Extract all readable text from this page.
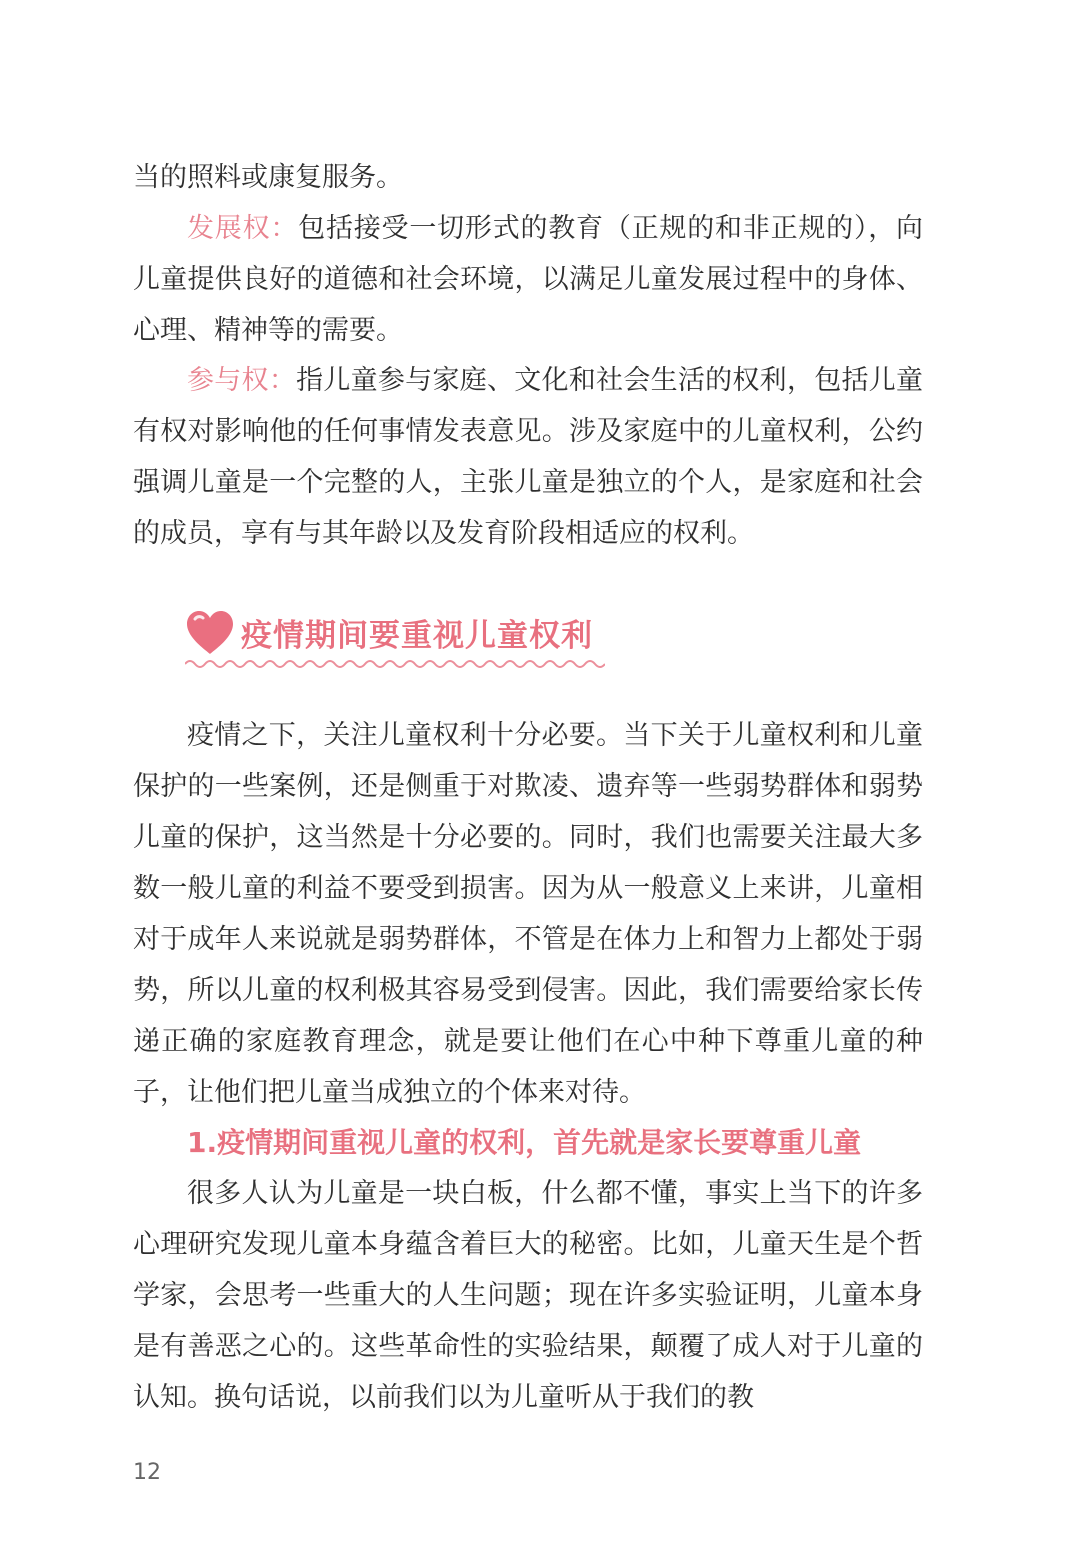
当的照料或康复服务。

发展权：包括接受一切形式的教育（正规的和非正规的），向儿童提供良好的道德和社会环境，以满足儿童发展过程中的身体、心理、精神等的需要。

参与权：指儿童参与家庭、文化和社会生活的权利，包括儿童有权对影响他的任何事情发表意见。涉及家庭中的儿童权利，公约强调儿童是一个完整的人，主张儿童是独立的个人，是家庭和社会的成员，享有与其年龄以及发育阶段相适应的权利。

疫情期间要重视儿童权利

疫情之下，关注儿童权利十分必要。当下关于儿童权利和儿童保护的一些案例，还是侧重于对欺凌、遗弃等一些弱势群体和弱势儿童的保护，这当然是十分必要的。同时，我们也需要关注最大多数一般儿童的利益不要受到损害。因为从一般意义上来讲，儿童相对于成年人来说就是弱势群体，不管是在体力上和智力上都处于弱势，所以儿童的权利极其容易受到侵害。因此，我们需要给家长传递正确的家庭教育理念，就是要让他们在心中种下尊重儿童的种子，让他们把儿童当成独立的个体来对待。

1.疫情期间重视儿童的权利，首先就是家长要尊重儿童

很多人认为儿童是一块白板，什么都不懂，事实上当下的许多心理研究发现儿童本身蕴含着巨大的秘密。比如，儿童天生是个哲学家，会思考一些重大的人生问题；现在许多实验证明，儿童本身是有善恶之心的。这些革命性的实验结果，颠覆了成人对于儿童的认知。换句话说，以前我们以为儿童听从于我们的教

12
